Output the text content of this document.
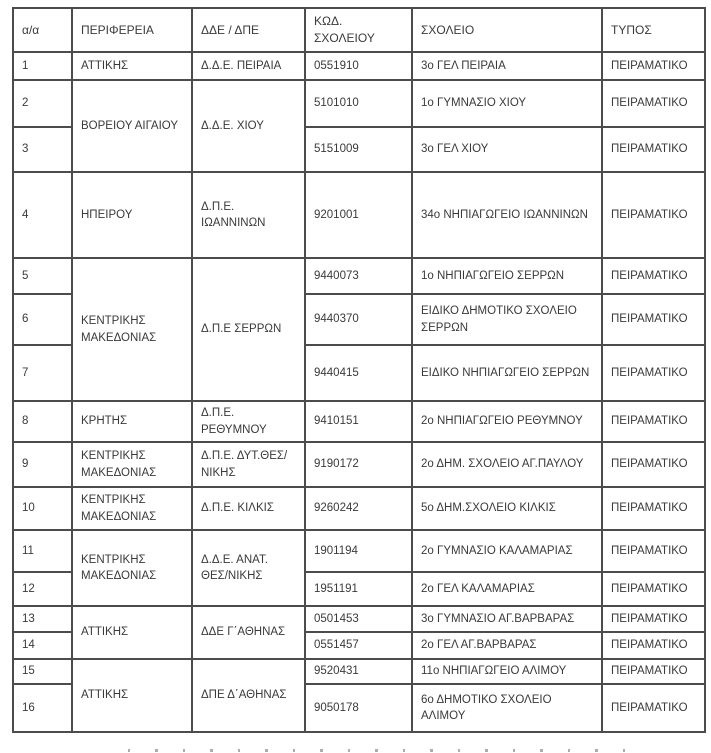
α/α	ΠΕΡΙΦΕΡΕΙΑ	ΔΔΕ / ΔΠΕ	ΚΩΔ. ΣΧΟΛΕΙΟΥ	ΣΧΟΛΕΙΟ	ΤΥΠΟΣ
1	ΑΤΤΙΚΗΣ	Δ.Δ.Ε. ΠΕΙΡΑΙΑ	0551910	3ο ΓΕΛ ΠΕΙΡΑΙΑ	ΠΕΙΡΑΜΑΤΙΚΟ
2	ΒΟΡΕΙΟΥ ΑΙΓΑΙΟΥ	Δ.Δ.Ε. ΧΙΟΥ	5101010	1ο ΓΥΜΝΑΣΙΟ ΧΙΟΥ	ΠΕΙΡΑΜΑΤΙΚΟ
3			5151009	3ο ΓΕΛ ΧΙΟΥ	ΠΕΙΡΑΜΑΤΙΚΟ
4	ΗΠΕΙΡΟΥ	Δ.Π.Ε. ΙΩΑΝΝΙΝΩΝ	9201001	34ο ΝΗΠΙΑΓΩΓΕΙΟ ΙΩΑΝΝΙΝΩΝ	ΠΕΙΡΑΜΑΤΙΚΟ
5	ΚΕΝΤΡΙΚΗΣ ΜΑΚΕΔΟΝΙΑΣ	Δ.Π.Ε ΣΕΡΡΩΝ	9440073	1ο ΝΗΠΙΑΓΩΓΕΙΟ ΣΕΡΡΩΝ	ΠΕΙΡΑΜΑΤΙΚΟ
6			9440370	ΕΙΔΙΚΟ ΔΗΜΟΤΙΚΟ ΣΧΟΛΕΙΟ ΣΕΡΡΩΝ	ΠΕΙΡΑΜΑΤΙΚΟ
7			9440415	ΕΙΔΙΚΟ ΝΗΠΙΑΓΩΓΕΙΟ ΣΕΡΡΩΝ	ΠΕΙΡΑΜΑΤΙΚΟ
8	ΚΡΗΤΗΣ	Δ.Π.Ε. ΡΕΘΥΜΝΟΥ	9410151	2ο ΝΗΠΙΑΓΩΓΕΙΟ ΡΕΘΥΜΝΟΥ	ΠΕΙΡΑΜΑΤΙΚΟ
9	ΚΕΝΤΡΙΚΗΣ ΜΑΚΕΔΟΝΙΑΣ	Δ.Π.Ε. ΔΥΤ.ΘΕΣ/ΝΙΚΗΣ	9190172	2ο ΔΗΜ. ΣΧΟΛΕΙΟ ΑΓ.ΠΑΥΛΟΥ	ΠΕΙΡΑΜΑΤΙΚΟ
10	ΚΕΝΤΡΙΚΗΣ ΜΑΚΕΔΟΝΙΑΣ	Δ.Π.Ε. ΚΙΛΚΙΣ	9260242	5ο ΔΗΜ.ΣΧΟΛΕΙΟ ΚΙΛΚΙΣ	ΠΕΙΡΑΜΑΤΙΚΟ
11	ΚΕΝΤΡΙΚΗΣ ΜΑΚΕΔΟΝΙΑΣ	Δ.Δ.Ε. ΑΝΑΤ. ΘΕΣ/ΝΙΚΗΣ	1901194	2ο ΓΥΜΝΑΣΙΟ ΚΑΛΑΜΑΡΙΑΣ	ΠΕΙΡΑΜΑΤΙΚΟ
12			1951191	2ο ΓΕΛ ΚΑΛΑΜΑΡΙΑΣ	ΠΕΙΡΑΜΑΤΙΚΟ
13	ΑΤΤΙΚΗΣ	ΔΔΕ Γ΄ΑΘΗΝΑΣ	0501453	3ο ΓΥΜΝΑΣΙΟ ΑΓ.ΒΑΡΒΑΡΑΣ	ΠΕΙΡΑΜΑΤΙΚΟ
14			0551457	2ο ΓΕΛ ΑΓ.ΒΑΡΒΑΡΑΣ	ΠΕΙΡΑΜΑΤΙΚΟ
15	ΑΤΤΙΚΗΣ	ΔΠΕ Δ΄ΑΘΗΝΑΣ	9520431	11ο ΝΗΠΙΑΓΩΓΕΙΟ ΑΛΙΜΟΥ	ΠΕΙΡΑΜΑΤΙΚΟ
16			9050178	6ο ΔΗΜΟΤΙΚΟ ΣΧΟΛΕΙΟ ΑΛΙΜΟΥ	ΠΕΙΡΑΜΑΤΙΚΟ
